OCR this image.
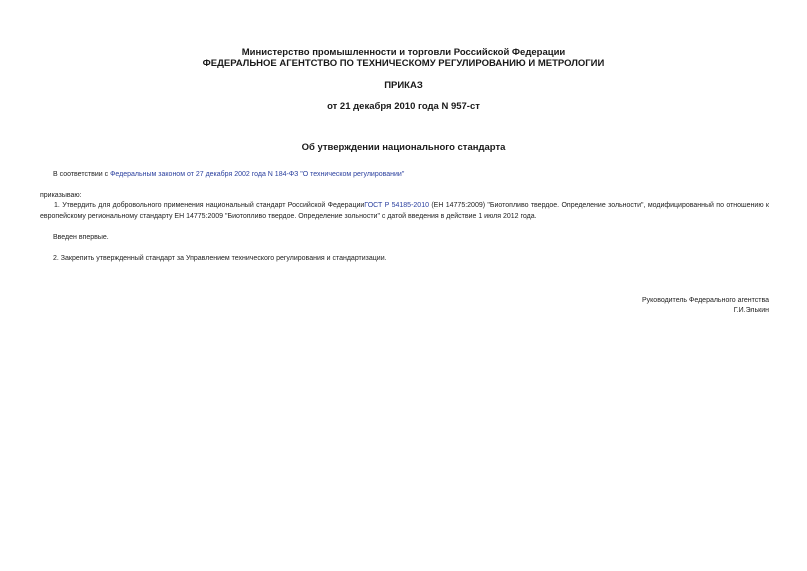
Министерство промышленности и торговли Российской Федерации
ФЕДЕРАЛЬНОЕ АГЕНТСТВО ПО ТЕХНИЧЕСКОМУ РЕГУЛИРОВАНИЮ И МЕТРОЛОГИИ
ПРИКАЗ
от 21 декабря 2010 года N 957-ст
Об утверждении национального стандарта
В соответствии с Федеральным законом от 27 декабря 2002 года N 184-ФЗ "О техническом регулировании"
приказываю:
1. Утвердить для добровольного применения национальный стандарт Российской ФедерацииГОСТ Р 54185-2010 (ЕН 14775:2009) "Биотопливо твердое. Определение зольности", модифицированный по отношению к европейскому региональному стандарту ЕН 14775:2009 "Биотопливо твердое. Определение зольности" с датой введения в действие 1 июля 2012 года.
Введен впервые.
2. Закрепить утвержденный стандарт за Управлением технического регулирования и стандартизации.
Руководитель Федерального агентства
Г.И.Элькин
